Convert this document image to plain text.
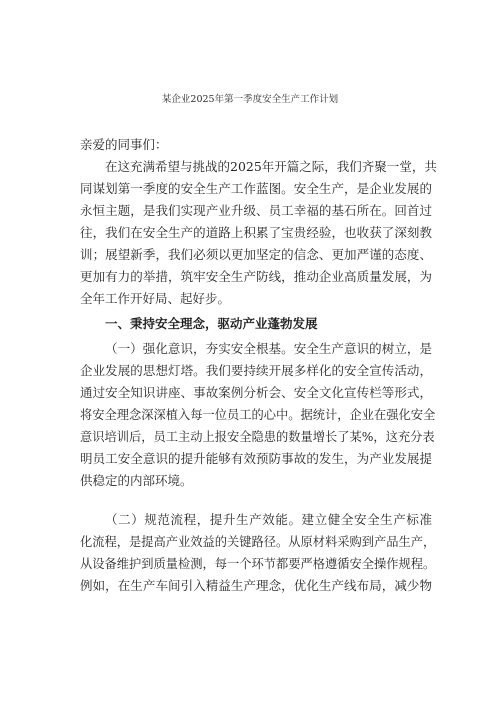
某企业2025年第一季度安全生产工作计划
亲爱的同事们：
在这充满希望与挑战的2025年开篇之际，我们齐聚一堂，共
同谋划第一季度的安全生产工作蓝图。安全生产，是企业发展的
永恒主题，是我们实现产业升级、员工幸福的基石所在。回首过
往，我们在安全生产的道路上积累了宝贵经验，也收获了深刻教
训；展望新季，我们必须以更加坚定的信念、更加严谨的态度、
更加有力的举措，筑牢安全生产防线，推动企业高质量发展，为
全年工作开好局、起好步。
一、秉持安全理念，驱动产业蓬勃发展
（一）强化意识，夯实安全根基。安全生产意识的树立，是
企业发展的思想灯塔。我们要持续开展多样化的安全宣传活动，
通过安全知识讲座、事故案例分析会、安全文化宣传栏等形式，
将安全理念深深植入每一位员工的心中。据统计，企业在强化安全
意识培训后，员工主动上报安全隐患的数量增长了某%，这充分表
明员工安全意识的提升能够有效预防事故的发生，为产业发展提
供稳定的内部环境。
（二）规范流程，提升生产效能。建立健全安全生产标准
化流程，是提高产业效益的关键路径。从原材料采购到产品生产，
从设备维护到质量检测，每一个环节都要严格遵循安全操作规程。
例如，在生产车间引入精益生产理念，优化生产线布局，减少物
